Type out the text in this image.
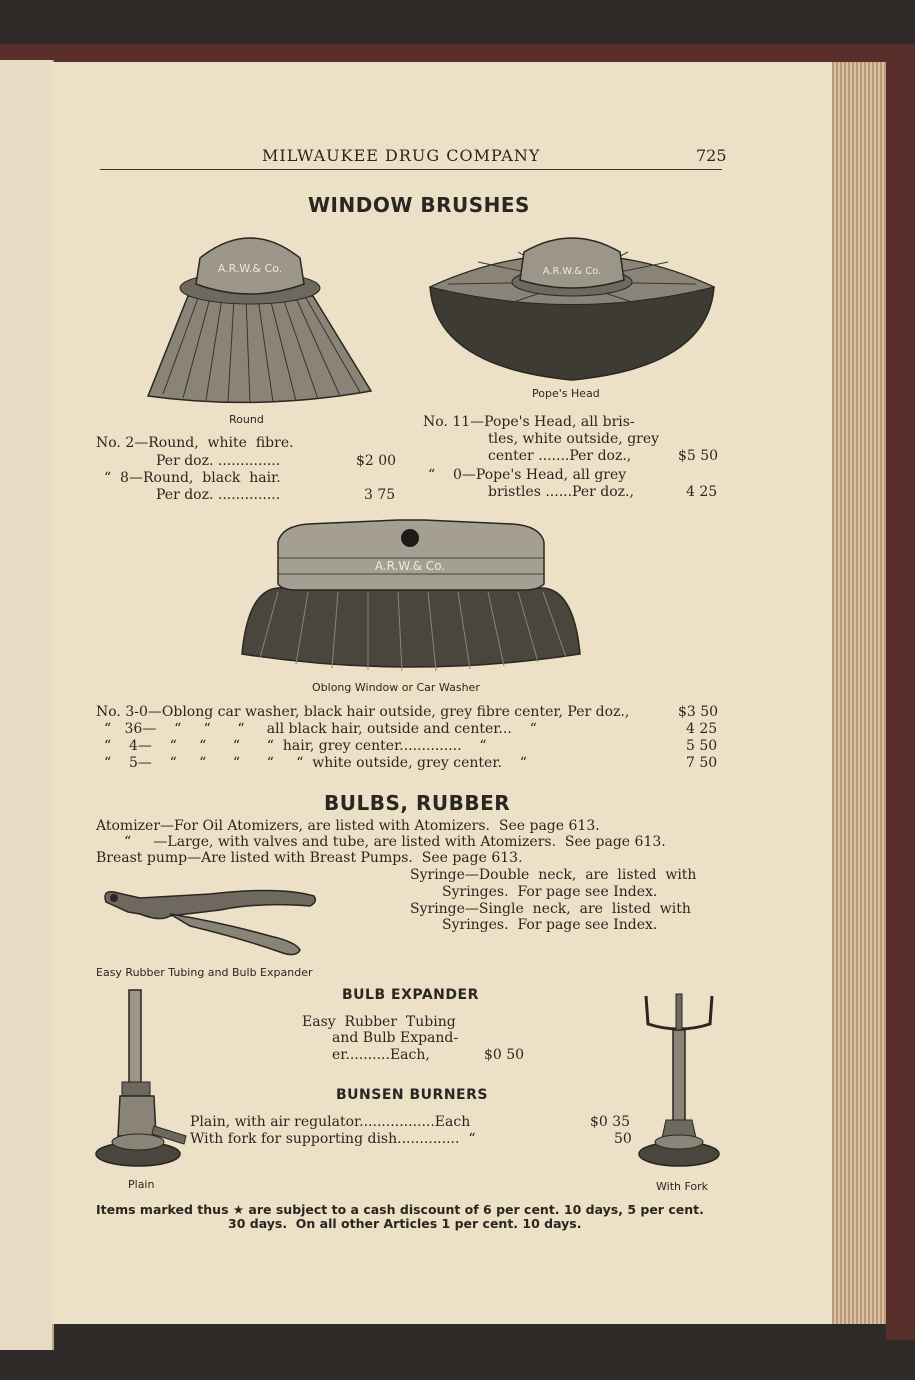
MILWAUKEE DRUG COMPANY	725
WINDOW BRUSHES
A.R.W.& Co.
Round
A.R.W.& Co.
Pope's Head
No. 2—Round,  white  fibre.
Per doz. ..............	$2 00
“  8—Round,  black  hair.
Per doz. ..............	3 75
No. 11—Pope's Head, all bris-
tles, white outside, grey
center .......Per doz.,	$5 50
“    0—Pope's Head, all grey
bristles ......Per doz.,	4 25
A.R.W.& Co.
Oblong Window or Car Washer
No. 3-0—Oblong car washer, black hair outside, grey fibre center, Per doz.,	$3 50
“   36—    “     “      “     all black hair, outside and center...    “	4 25
“    4—    “     “      “      “  hair, grey center..............    “	5 50
“    5—    “     “      “      “     “  white outside, grey center.    “	7 50
BULBS, RUBBER
Atomizer—For Oil Atomizers, are listed with Atomizers.  See page 613.
“     —Large, with valves and tube, are listed with Atomizers.  See page 613.
Breast pump—Are listed with Breast Pumps.  See page 613.
Syringe—Double  neck,  are  listed  with
Syringes.  For page see Index.
Syringe—Single  neck,  are  listed  with
Syringes.  For page see Index.
Easy Rubber Tubing and Bulb Expander
BULB EXPANDER
Easy  Rubber  Tubing
and Bulb Expand-
er..........Each,	$0 50
BUNSEN BURNERS
Plain, with air regulator.................Each	$0 35
With fork for supporting dish..............  “	50
Plain	With Fork
Items marked thus ★ are subject to a cash discount of 6 per cent. 10 days, 5 per cent.
30 days.  On all other Articles 1 per cent. 10 days.
